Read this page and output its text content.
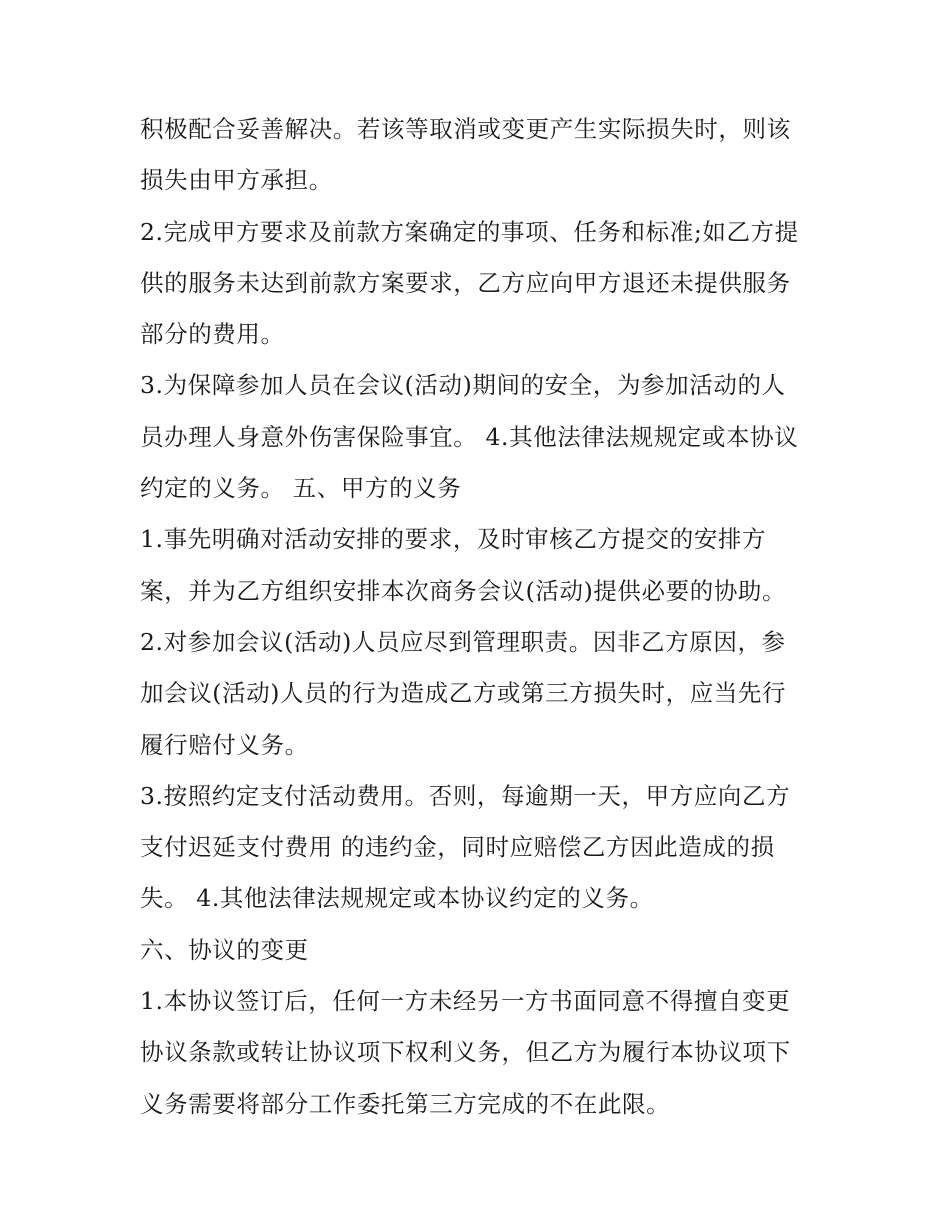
积极配合妥善解决。若该等取消或变更产生实际损失时，则该
损失由甲方承担。
2.完成甲方要求及前款方案确定的事项、任务和标准;如乙方提
供的服务未达到前款方案要求，乙方应向甲方退还未提供服务
部分的费用。
3.为保障参加人员在会议(活动)期间的安全，为参加活动的人
员办理人身意外伤害保险事宜。 4.其他法律法规规定或本协议
约定的义务。 五、甲方的义务
1.事先明确对活动安排的要求，及时审核乙方提交的安排方
案，并为乙方组织安排本次商务会议(活动)提供必要的协助。
2.对参加会议(活动)人员应尽到管理职责。因非乙方原因，参
加会议(活动)人员的行为造成乙方或第三方损失时，应当先行
履行赔付义务。
3.按照约定支付活动费用。否则，每逾期一天，甲方应向乙方
支付迟延支付费用 的违约金，同时应赔偿乙方因此造成的损
失。 4.其他法律法规规定或本协议约定的义务。
六、协议的变更
1.本协议签订后，任何一方未经另一方书面同意不得擅自变更
协议条款或转让协议项下权利义务，但乙方为履行本协议项下
义务需要将部分工作委托第三方完成的不在此限。
